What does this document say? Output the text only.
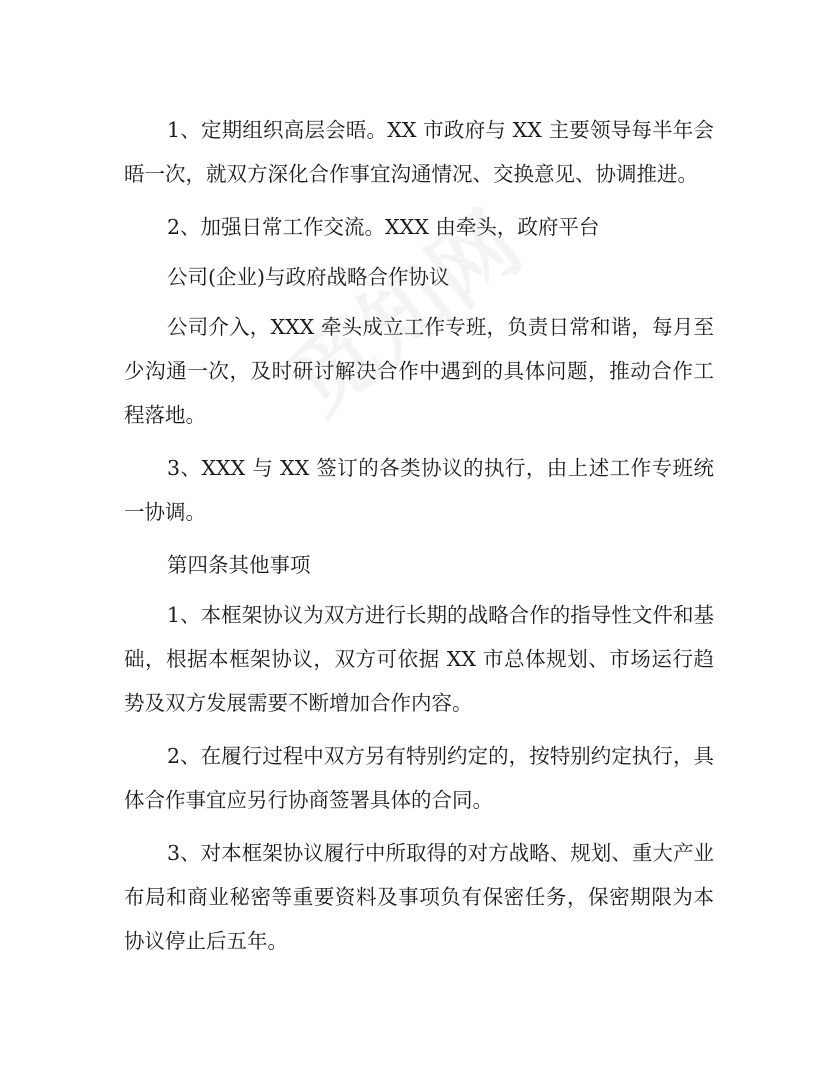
1、定期组织高层会晤。XX 市政府与 XX 主要领导每半年会晤一次，就双方深化合作事宜沟通情况、交换意见、协调推进。

2、加强日常工作交流。XXX 由牵头，政府平台

公司(企业)与政府战略合作协议

公司介入，XXX 牵头成立工作专班，负责日常和谐，每月至少沟通一次，及时研讨解决合作中遇到的具体问题，推动合作工程落地。

3、XXX 与 XX 签订的各类协议的执行，由上述工作专班统一协调。

第四条其他事项

1、本框架协议为双方进行长期的战略合作的指导性文件和基础，根据本框架协议，双方可依据 XX 市总体规划、市场运行趋势及双方发展需要不断增加合作内容。

2、在履行过程中双方另有特别约定的，按特别约定执行，具体合作事宜应另行协商签署具体的合同。

3、对本框架协议履行中所取得的对方战略、规划、重大产业布局和商业秘密等重要资料及事项负有保密任务，保密期限为本协议停止后五年。
